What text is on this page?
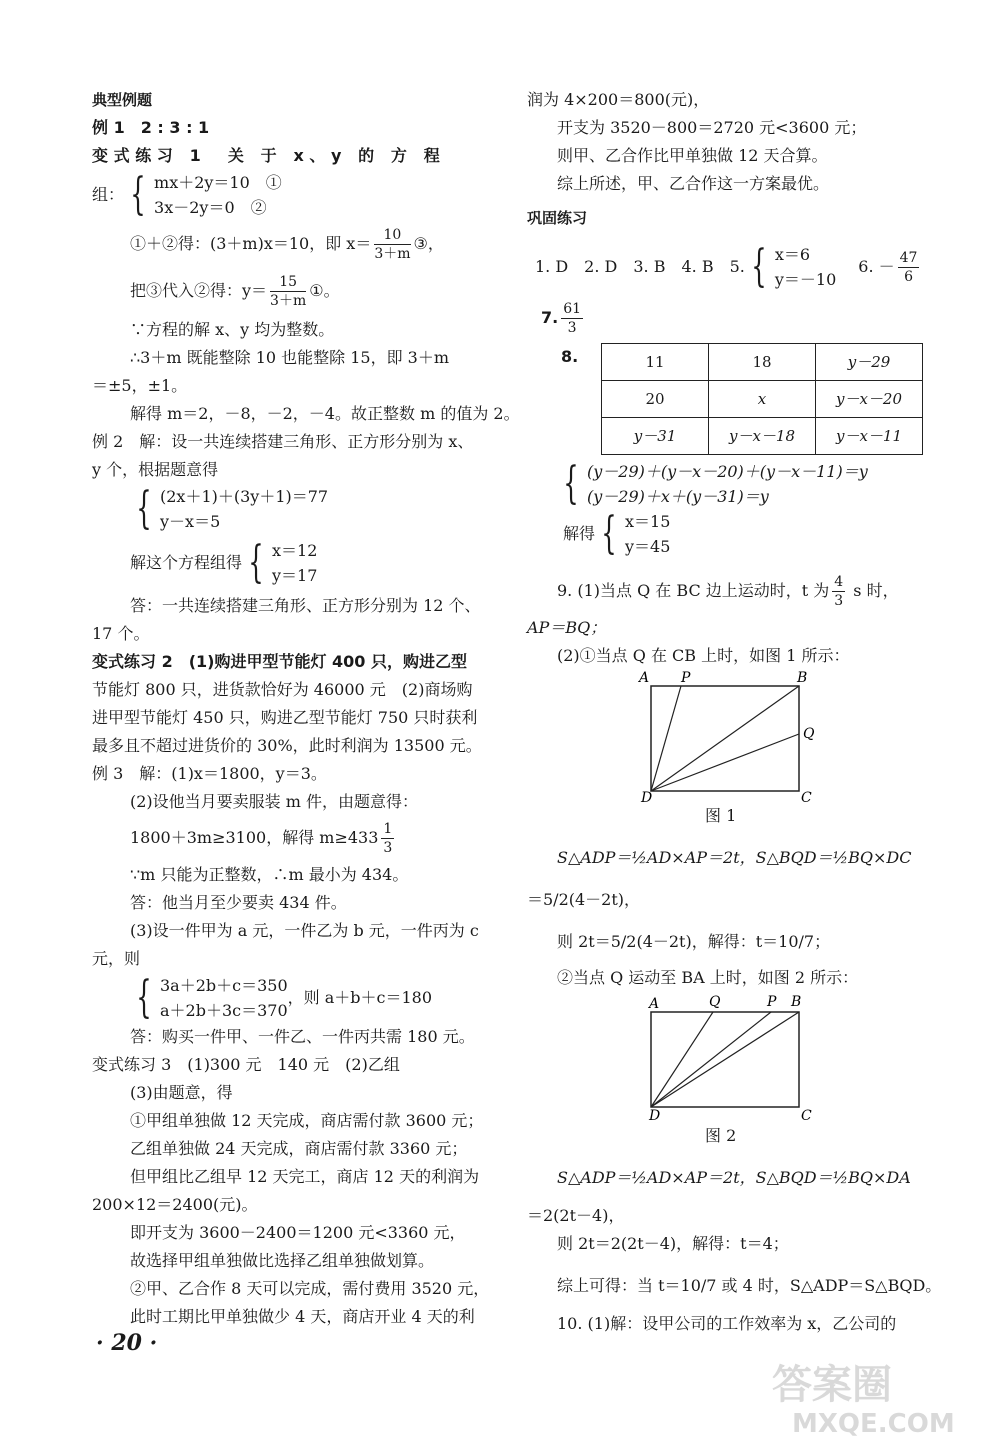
典型例题
例 1　2 : 3 : 1
变式练习 1　关 于 x、y 的 方 程
组： { mx＋2y＝10　①
3x－2y＝0　②
①＋②得：(3＋m)x＝10，即 $x= \frac{10}{3+m}$ ③，
把③代入②得：$y= \frac{15}{3+m}$ ①。
∵方程的解 x、y 均为整数。
∴3＋m 既能整除 10 也能整除 15，即 3＋m
＝±5，±1。
解得 m＝2，－8，－2，－4。故正整数 m 的值为 2。
例 2　解：设一共连续搭建三角形、正方形分别为 x、
y 个，根据题意得
{ (2x＋1)＋(3y＋1)＝77
y－x＝5
解这个方程组得 { x＝12
y＝17
答：一共连续搭建三角形、正方形分别为 12 个、
17 个。
变式练习 2　(1)购进甲型节能灯 400 只，购进乙型
节能灯 800 只，进货款恰好为 46000 元　(2)商场购
进甲型节能灯 450 只，购进乙型节能灯 750 只时获利
最多且不超过进货价的 30%，此时利润为 13500 元。
例 3　解：(1)x＝1800，y＝3。
(2)设他当月要卖服装 m 件，由题意得：
1800＋3m≥3100，解得 $m\ge 433 \frac{1}{3}$
∵m 只能为正整数，∴m 最小为 434。
答：他当月至少要卖 434 件。
(3)设一件甲为 a 元，一件乙为 b 元，一件丙为 c
元，则
{ 3a＋2b＋c＝350
a＋2b＋3c＝370
，则 a＋b＋c＝180
答：购买一件甲、一件乙、一件丙共需 180 元。
变式练习 3　(1)300 元　140 元　(2)乙组
(3)由题意，得
①甲组单独做 12 天完成，商店需付款 3600 元；
乙组单独做 24 天完成，商店需付款 3360 元；
但甲组比乙组早 12 天完工，商店 12 天的利润为
200×12＝2400(元)。
即开支为 3600－2400＝1200 元<3360 元，
故选择甲组单独做比选择乙组单独做划算。
②甲、乙合作 8 天可以完成，需付费用 3520 元，
此时工期比甲单独做少 4 天，商店开业 4 天的利
润为 4×200＝800(元)，
开支为 3520－800＝2720 元<3600 元；
则甲、乙合作比甲单独做 12 天合算。
综上所述，甲、乙合作这一方案最优。
巩固练习
1. D　2. D　3. B　4. B　5. { x＝6
y＝－10
6. － $\frac{47}{6}$
7. $\frac{61}{3}$
8.	11	18	y－29
20	x	y－x－20
y－31	y－x－18	y－x－11
{ (y－29)＋(y－x－20)＋(y－x－11)＝y
(y－29)＋x＋(y－31)＝y
解得 { x＝15
y＝45
9. (1)当点 Q 在 BC 边上运动时，t 为 $\frac{4}{3}$ s 时，
AP＝BQ；
(2)①当点 Q 在 CB 上时，如图 1 所示：
A P	B
Q
D	C
图 1
S△ADP＝½AD×AP＝2t，S△BQD＝½BQ×DC
＝5/2(4－2t)，
则 2t＝5/2(4－2t)，解得：t＝10/7；
②当点 Q 运动至 BA 上时，如图 2 所示：
A	Q	P B
D	C
图 2
S△ADP＝½AD×AP＝2t，S△BQD＝½BQ×DA
＝2(2t－4)，
则 2t＝2(2t－4)，解得：t＝4；
综上可得：当 t＝10/7 或 4 时，S△ADP＝S△BQD。
10. (1)解：设甲公司的工作效率为 x，乙公司的
· 20 ·
答案圈
MXQE.COM
